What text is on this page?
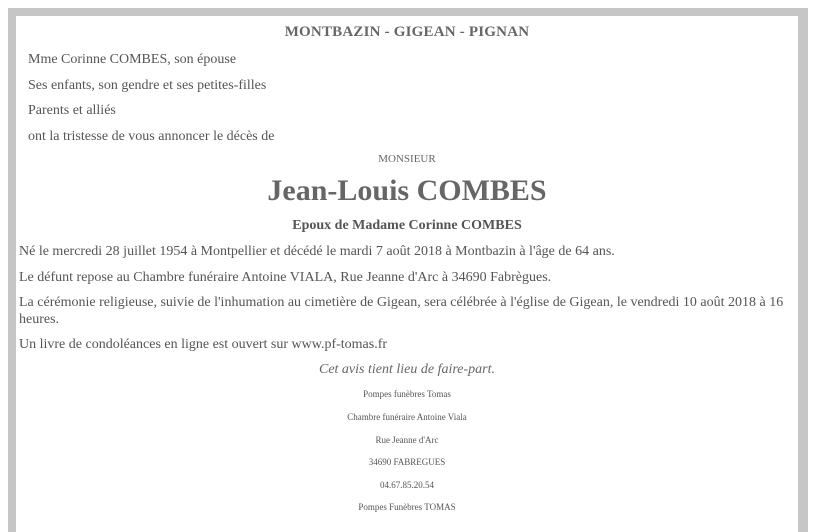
MONTBAZIN - GIGEAN - PIGNAN
Mme Corinne COMBES, son épouse
Ses enfants, son gendre et ses petites-filles
Parents et alliés
ont la tristesse de vous annoncer le décès de
MONSIEUR
Jean-Louis COMBES
Epoux de Madame Corinne COMBES
Né le mercredi 28 juillet 1954 à Montpellier et décédé le mardi 7 août 2018 à Montbazin à l'âge de 64 ans.
Le défunt repose au Chambre funéraire Antoine VIALA, Rue Jeanne d'Arc à 34690 Fabrègues.
La cérémonie religieuse, suivie de l'inhumation au cimetière de Gigean, sera célébrée à l'église de Gigean, le vendredi 10 août 2018 à 16 heures.
Un livre de condoléances en ligne est ouvert sur www.pf-tomas.fr
Cet avis tient lieu de faire-part.
Pompes funèbres Tomas
Chambre funéraire Antoine Viala
Rue Jeanne d'Arc
34690 FABREGUES
04.67.85.20.54
Pompes Funèbres TOMAS
